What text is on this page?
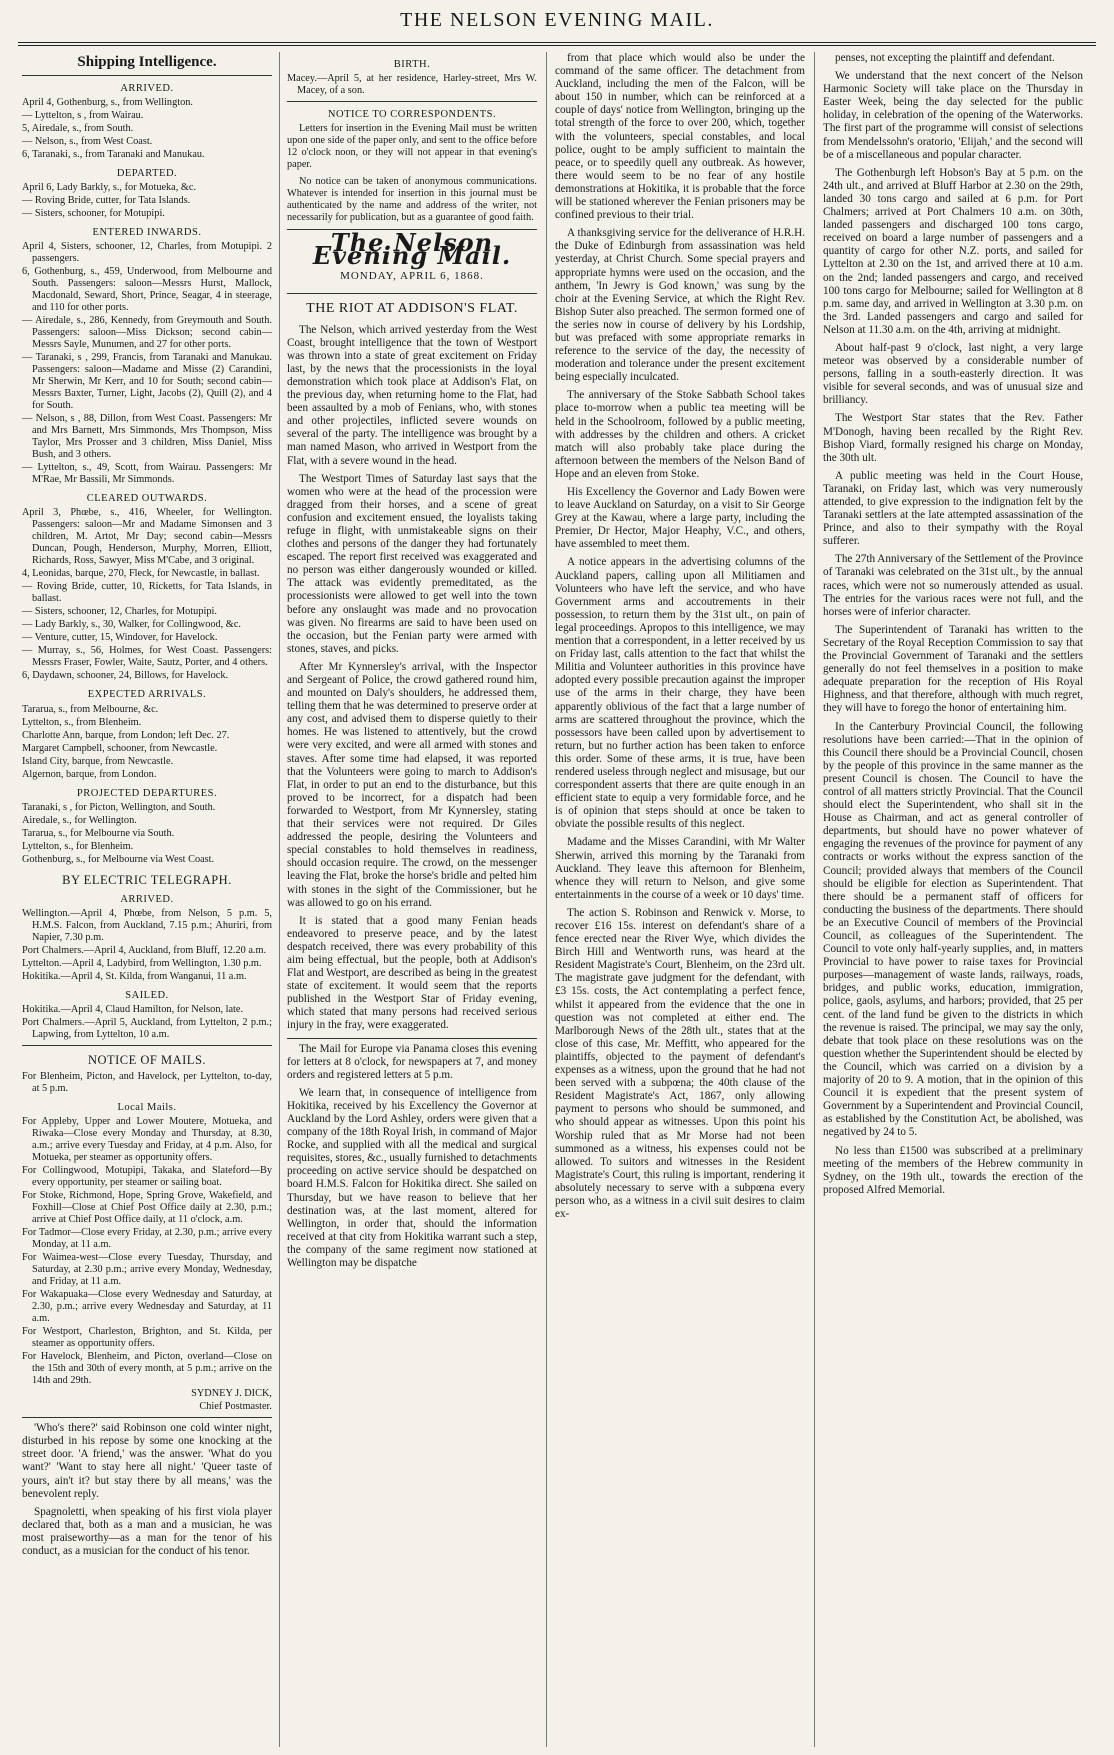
THE NELSON EVENING MAIL.
Shipping Intelligence.
ARRIVED.

April 4, Gothenburg, s., from Wellington.

— Lyttelton, s , from Wairau.

5, Airedale, s., from South.

— Nelson, s., from West Coast.

6, Taranaki, s., from Taranaki and Manukau.

DEPARTED.

April 6, Lady Barkly, s., for Motueka, &c.

— Roving Bride, cutter, for Tata Islands.

— Sisters, schooner, for Motupipi.

ENTERED INWARDS.

April 4, Sisters, schooner, 12, Charles, from Motupipi. 2 passengers.

6, Gothenburg, s., 459, Underwood, from Melbourne and South. Passengers: saloon—Messrs Hurst, Mallock, Macdonald, Seward, Short, Prince, Seagar, 4 in steerage, and 110 for other ports.

— Airedale, s., 286, Kennedy, from Greymouth and South. Passengers: saloon—Miss Dickson; second cabin—Messrs Sayle, Munumen, and 27 for other ports.

— Taranaki, s , 299, Francis, from Taranaki and Manukau. Passengers: saloon—Madame and Misse (2) Carandini, Mr Sherwin, Mr Kerr, and 10 for South; second cabin—Messrs Baxter, Turner, Light, Jacobs (2), Quill (2), and 4 for South.

— Nelson, s , 88, Dillon, from West Coast. Passengers: Mr and Mrs Barnett, Mrs Simmonds, Mrs Thompson, Miss Taylor, Mrs Prosser and 3 children, Miss Daniel, Miss Bush, and 3 others.

— Lyttelton, s., 49, Scott, from Wairau. Passengers: Mr M'Rae, Mr Bassili, Mr Simmonds.

CLEARED OUTWARDS.

April 3, Phœbe, s., 416, Wheeler, for Wellington. Passengers: saloon—Mr and Madame Simonsen and 3 children, M. Artot, Mr Day; second cabin—Messrs Duncan, Pough, Henderson, Murphy, Morren, Elliott, Richards, Ross, Sawyer, Miss M'Cabe, and 3 original.

4, Leonidas, barque, 270, Fleck, for Newcastle, in ballast.

— Roving Bride, cutter, 10, Ricketts, for Tata Islands, in ballast.

— Sisters, schooner, 12, Charles, for Motupipi.

— Lady Barkly, s., 30, Walker, for Collingwood, &c.

— Venture, cutter, 15, Windover, for Havelock.

— Murray, s., 56, Holmes, for West Coast. Passengers: Messrs Fraser, Fowler, Waite, Sautz, Porter, and 4 others.

6, Daydawn, schooner, 24, Billows, for Havelock.

EXPECTED ARRIVALS.

Tararua, s., from Melbourne, &c.

Lyttelton, s., from Blenheim.

Charlotte Ann, barque, from London; left Dec. 27.

Margaret Campbell, schooner, from Newcastle.

Island City, barque, from Newcastle.

Algernon, barque, from London.

PROJECTED DEPARTURES.

Taranaki, s , for Picton, Wellington, and South.

Airedale, s., for Wellington.

Tararua, s., for Melbourne via South.

Lyttelton, s., for Blenheim.

Gothenburg, s., for Melbourne via West Coast.

BY ELECTRIC TELEGRAPH.
ARRIVED.

Wellington.—April 4, Phœbe, from Nelson, 5 p.m. 5, H.M.S. Falcon, from Auckland, 7.15 p.m.; Ahuriri, from Napier, 7.30 p.m.

Port Chalmers.—April 4, Auckland, from Bluff, 12.20 a.m.

Lyttelton.—April 4, Ladybird, from Wellington, 1.30 p.m.

Hokitika.—April 4, St. Kilda, from Wanganui, 11 a.m.

SAILED.

Hokitika.—April 4, Claud Hamilton, for Nelson, late.

Port Chalmers.—April 5, Auckland, from Lyttelton, 2 p.m.; Lapwing, from Lyttelton, 10 a.m.

NOTICE OF MAILS.

For Blenheim, Picton, and Havelock, per Lyttelton, to-day, at 5 p.m.

Local Mails.

For Appleby, Upper and Lower Moutere, Motueka, and Riwaka—Close every Monday and Thursday, at 8.30, a.m.; arrive every Tuesday and Friday, at 4 p.m. Also, for Motueka, per steamer as opportunity offers.

For Collingwood, Motupipi, Takaka, and Slateford—By every opportunity, per steamer or sailing boat.

For Stoke, Richmond, Hope, Spring Grove, Wakefield, and Foxhill—Close at Chief Post Office daily at 2.30, p.m.; arrive at Chief Post Office daily, at 11 o'clock, a.m.

For Tadmor—Close every Friday, at 2.30, p.m.; arrive every Monday, at 11 a.m.

For Waimea-west—Close every Tuesday, Thursday, and Saturday, at 2.30 p.m.; arrive every Monday, Wednesday, and Friday, at 11 a.m.

For Wakapuaka—Close every Wednesday and Saturday, at 2.30, p.m.; arrive every Wednesday and Saturday, at 11 a.m.

For Westport, Charleston, Brighton, and St. Kilda, per steamer as opportunity offers.

For Havelock, Blenheim, and Picton, overland—Close on the 15th and 30th of every month, at 5 p.m.; arrive on the 14th and 29th.

SYDNEY J. DICK,

Chief Postmaster.

'Who's there?' said Robinson one cold winter night, disturbed in his repose by some one knocking at the street door. 'A friend,' was the answer. 'What do you want?' 'Want to stay here all night.' 'Queer taste of yours, ain't it? but stay there by all means,' was the benevolent reply.

Spagnoletti, when speaking of his first viola player declared that, both as a man and a musician, he was most praiseworthy—as a man for the tenor of his conduct, as a musician for the conduct of his tenor.

BIRTH.

Macey.—April 5, at her residence, Harley-street, Mrs W. Macey, of a son.

NOTICE TO CORRESPONDENTS.

Letters for insertion in the Evening Mail must be written upon one side of the paper only, and sent to the office before 12 o'clock noon, or they will not appear in that evening's paper.

No notice can be taken of anonymous communications. Whatever is intended for insertion in this journal must be authenticated by the name and address of the writer, not necessarily for publication, but as a guarantee of good faith.

The Nelson Evening Mail.
MONDAY, APRIL 6, 1868.
THE RIOT AT ADDISON'S FLAT.

The Nelson, which arrived yesterday from the West Coast, brought intelligence that the town of Westport was thrown into a state of great excitement on Friday last, by the news that the processionists in the loyal demonstration which took place at Addison's Flat, on the previous day, when returning home to the Flat, had been assaulted by a mob of Fenians, who, with stones and other projectiles, inflicted severe wounds on several of the party. The intelligence was brought by a man named Mason, who arrived in Westport from the Flat, with a severe wound in the head.

The Westport Times of Saturday last says that the women who were at the head of the procession were dragged from their horses, and a scene of great confusion and excitement ensued, the loyalists taking refuge in flight, with unmistakeable signs on their clothes and persons of the danger they had fortunately escaped. The report first received was exaggerated and no person was either dangerously wounded or killed. The attack was evidently premeditated, as the processionists were allowed to get well into the town before any onslaught was made and no provocation was given. No firearms are said to have been used on the occasion, but the Fenian party were armed with stones, staves, and picks.

After Mr Kynnersley's arrival, with the Inspector and Sergeant of Police, the crowd gathered round him, and mounted on Daly's shoulders, he addressed them, telling them that he was determined to preserve order at any cost, and advised them to disperse quietly to their homes. He was listened to attentively, but the crowd were very excited, and were all armed with stones and staves. After some time had elapsed, it was reported that the Volunteers were going to march to Addison's Flat, in order to put an end to the disturbance, but this proved to be incorrect, for a dispatch had been forwarded to Westport, from Mr Kynnersley, stating that their services were not required. Dr Giles addressed the people, desiring the Volunteers and special constables to hold themselves in readiness, should occasion require. The crowd, on the messenger leaving the Flat, broke the horse's bridle and pelted him with stones in the sight of the Commissioner, but he was allowed to go on his errand.

It is stated that a good many Fenian heads endeavored to preserve peace, and by the latest despatch received, there was every probability of this aim being effectual, but the people, both at Addison's Flat and Westport, are described as being in the greatest state of excitement. It would seem that the reports published in the Westport Star of Friday evening, which stated that many persons had received serious injury in the fray, were exaggerated.

The Mail for Europe via Panama closes this evening for letters at 8 o'clock, for newspapers at 7, and money orders and registered letters at 5 p.m.

We learn that, in consequence of intelligence from Hokitika, received by his Excellency the Governor at Auckland by the Lord Ashley, orders were given that a company of the 18th Royal Irish, in command of Major Rocke, and supplied with all the medical and surgical requisites, stores, &c., usually furnished to detachments proceeding on active service should be despatched on board H.M.S. Falcon for Hokitika direct. She sailed on Thursday, but we have reason to believe that her destination was, at the last moment, altered for Wellington, in order that, should the information received at that city from Hokitika warrant such a step, the company of the same regiment now stationed at Wellington may be dispatche

from that place which would also be under the command of the same officer. The detachment from Auckland, including the men of the Falcon, will be about 150 in number, which can be reinforced at a couple of days' notice from Wellington, bringing up the total strength of the force to over 200, which, together with the volunteers, special constables, and local police, ought to be amply sufficient to maintain the peace, or to speedily quell any outbreak. As however, there would seem to be no fear of any hostile demonstrations at Hokitika, it is probable that the force will be stationed wherever the Fenian prisoners may be confined previous to their trial.

A thanksgiving service for the deliverance of H.R.H. the Duke of Edinburgh from assassination was held yesterday, at Christ Church. Some special prayers and appropriate hymns were used on the occasion, and the anthem, 'In Jewry is God known,' was sung by the choir at the Evening Service, at which the Right Rev. Bishop Suter also preached. The sermon formed one of the series now in course of delivery by his Lordship, but was prefaced with some appropriate remarks in reference to the service of the day, the necessity of moderation and tolerance under the present excitement being especially inculcated.

The anniversary of the Stoke Sabbath School takes place to-morrow when a public tea meeting will be held in the Schoolroom, followed by a public meeting, with addresses by the children and others. A cricket match will also probably take place during the afternoon between the members of the Nelson Band of Hope and an eleven from Stoke.

His Excellency the Governor and Lady Bowen were to leave Auckland on Saturday, on a visit to Sir George Grey at the Kawau, where a large party, including the Premier, Dr Hector, Major Heaphy, V.C., and others, have assembled to meet them.

A notice appears in the advertising columns of the Auckland papers, calling upon all Militiamen and Volunteers who have left the service, and who have Government arms and accoutrements in their possession, to return them by the 31st ult., on pain of legal proceedings. Apropos to this intelligence, we may mention that a correspondent, in a letter received by us on Friday last, calls attention to the fact that whilst the Militia and Volunteer authorities in this province have adopted every possible precaution against the improper use of the arms in their charge, they have been apparently oblivious of the fact that a large number of arms are scattered throughout the province, which the possessors have been called upon by advertisement to return, but no further action has been taken to enforce this order. Some of these arms, it is true, have been rendered useless through neglect and misusage, but our correspondent asserts that there are quite enough in an efficient state to equip a very formidable force, and he is of opinion that steps should at once be taken to obviate the possible results of this neglect.

Madame and the Misses Carandini, with Mr Walter Sherwin, arrived this morning by the Taranaki from Auckland. They leave this afternoon for Blenheim, whence they will return to Nelson, and give some entertainments in the course of a week or 10 days' time.

The action S. Robinson and Renwick v. Morse, to recover £16 15s. interest on defendant's share of a fence erected near the River Wye, which divides the Birch Hill and Wentworth runs, was heard at the Resident Magistrate's Court, Blenheim, on the 23rd ult. The magistrate gave judgment for the defendant, with £3 15s. costs, the Act contemplating a perfect fence, whilst it appeared from the evidence that the one in question was not completed at either end. The Marlborough News of the 28th ult., states that at the close of this case, Mr. Meffitt, who appeared for the plaintiffs, objected to the payment of defendant's expenses as a witness, upon the ground that he had not been served with a subpœna; the 40th clause of the Resident Magistrate's Act, 1867, only allowing payment to persons who should be summoned, and who should appear as witnesses. Upon this point his Worship ruled that as Mr Morse had not been summoned as a witness, his expenses could not be allowed. To suitors and witnesses in the Resident Magistrate's Court, this ruling is important, rendering it absolutely necessary to serve with a subpœna every person who, as a witness in a civil suit desires to claim ex-

penses, not excepting the plaintiff and defendant.

We understand that the next concert of the Nelson Harmonic Society will take place on the Thursday in Easter Week, being the day selected for the public holiday, in celebration of the opening of the Waterworks. The first part of the programme will consist of selections from Mendelssohn's oratorio, 'Elijah,' and the second will be of a miscellaneous and popular character.

The Gothenburgh left Hobson's Bay at 5 p.m. on the 24th ult., and arrived at Bluff Harbor at 2.30 on the 29th, landed 30 tons cargo and sailed at 6 p.m. for Port Chalmers; arrived at Port Chalmers 10 a.m. on 30th, landed passengers and discharged 100 tons cargo, received on board a large number of passengers and a quantity of cargo for other N.Z. ports, and sailed for Lyttelton at 2.30 on the 1st, and arrived there at 10 a.m. on the 2nd; landed passengers and cargo, and received 100 tons cargo for Melbourne; sailed for Wellington at 8 p.m. same day, and arrived in Wellington at 3.30 p.m. on the 3rd. Landed passengers and cargo and sailed for Nelson at 11.30 a.m. on the 4th, arriving at midnight.

About half-past 9 o'clock, last night, a very large meteor was observed by a considerable number of persons, falling in a south-easterly direction. It was visible for several seconds, and was of unusual size and brilliancy.

The Westport Star states that the Rev. Father M'Donogh, having been recalled by the Right Rev. Bishop Viard, formally resigned his charge on Monday, the 30th ult.

A public meeting was held in the Court House, Taranaki, on Friday last, which was very numerously attended, to give expression to the indignation felt by the Taranaki settlers at the late attempted assassination of the Prince, and also to their sympathy with the Royal sufferer.

The 27th Anniversary of the Settlement of the Province of Taranaki was celebrated on the 31st ult., by the annual races, which were not so numerously attended as usual. The entries for the various races were not full, and the horses were of inferior character.

The Superintendent of Taranaki has written to the Secretary of the Royal Reception Commission to say that the Provincial Government of Taranaki and the settlers generally do not feel themselves in a position to make adequate preparation for the reception of His Royal Highness, and that therefore, although with much regret, they will have to forego the honor of entertaining him.

In the Canterbury Provincial Council, the following resolutions have been carried:—That in the opinion of this Council there should be a Provincial Council, chosen by the people of this province in the same manner as the present Council is chosen. The Council to have the control of all matters strictly Provincial. That the Council should elect the Superintendent, who shall sit in the House as Chairman, and act as general controller of departments, but should have no power whatever of engaging the revenues of the province for payment of any contracts or works without the express sanction of the Council; provided always that members of the Council should be eligible for election as Superintendent. That there should be a permanent staff of officers for conducting the business of the departments. There should be an Executive Council of members of the Provincial Council, as colleagues of the Superintendent. The Council to vote only half-yearly supplies, and, in matters Provincial to have power to raise taxes for Provincial purposes—management of waste lands, railways, roads, bridges, and public works, education, immigration, police, gaols, asylums, and harbors; provided, that 25 per cent. of the land fund be given to the districts in which the revenue is raised. The principal, we may say the only, debate that took place on these resolutions was on the question whether the Superintendent should be elected by the Council, which was carried on a division by a majority of 20 to 9. A motion, that in the opinion of this Council it is expedient that the present system of Government by a Superintendent and Provincial Council, as established by the Constitution Act, be abolished, was negatived by 24 to 5.

No less than £1500 was subscribed at a preliminary meeting of the members of the Hebrew community in Sydney, on the 19th ult., towards the erection of the proposed Alfred Memorial.
